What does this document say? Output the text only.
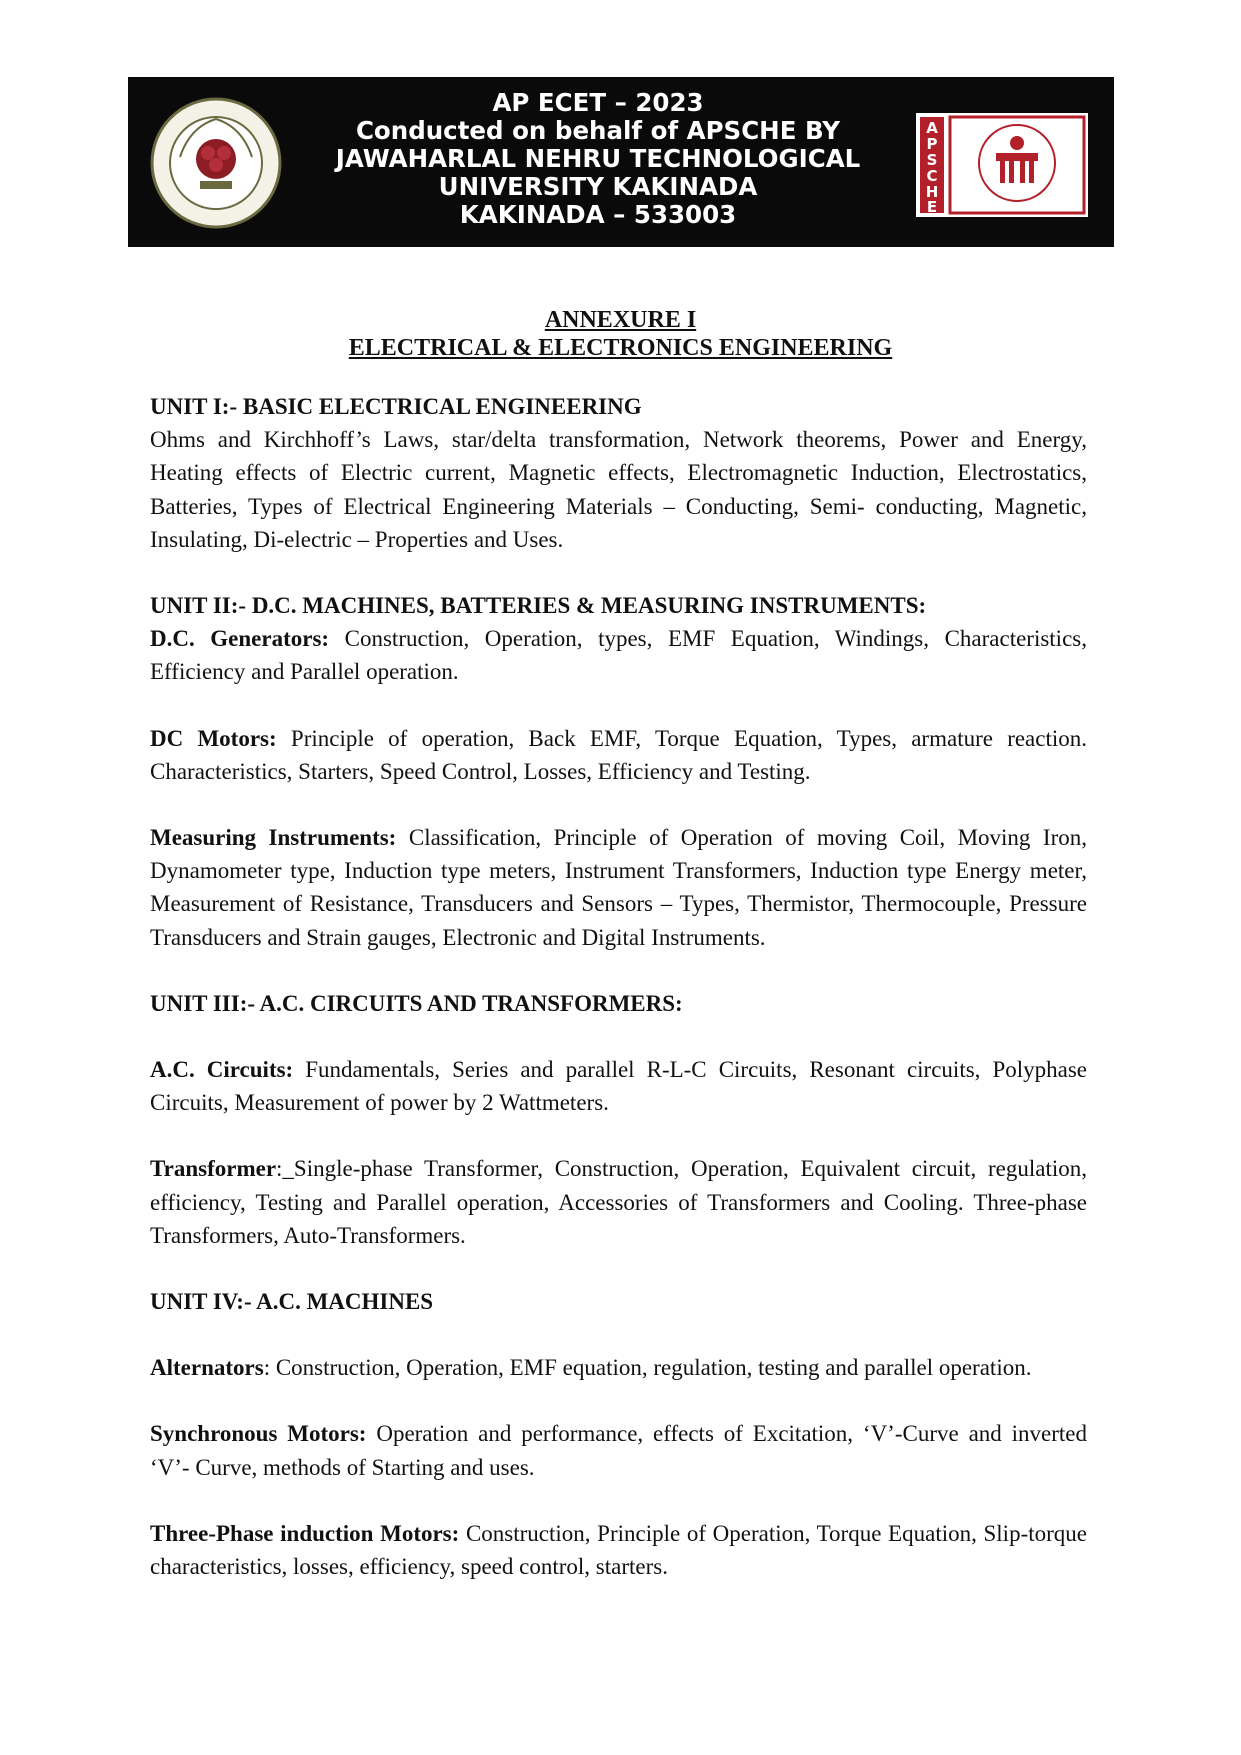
AP ECET – 2023
Conducted on behalf of APSCHE BY
JAWAHARLAL NEHRU TECHNOLOGICAL
UNIVERSITY KAKINADA
KAKINADA – 533003
A
P
S
C
H
E
ANNEXURE I
ELECTRICAL & ELECTRONICS ENGINEERING
UNIT I:- BASIC ELECTRICAL ENGINEERING

Ohms and Kirchhoff’s Laws, star/delta transformation, Network theorems, Power and Energy, Heating effects of Electric current, Magnetic effects, Electromagnetic Induction, Electrostatics, Batteries, Types of Electrical Engineering Materials – Conducting, Semi- conducting, Magnetic, Insulating, Di-electric – Properties and Uses.

UNIT II:- D.C. MACHINES, BATTERIES & MEASURING INSTRUMENTS:

D.C. Generators: Construction, Operation, types, EMF Equation, Windings, Characteristics, Efficiency and Parallel operation.

DC Motors: Principle of operation, Back EMF, Torque Equation, Types, armature reaction. Characteristics, Starters, Speed Control, Losses, Efficiency and Testing.

Measuring Instruments: Classification, Principle of Operation of moving Coil, Moving Iron, Dynamometer type, Induction type meters, Instrument Transformers, Induction type Energy meter, Measurement of Resistance, Transducers and Sensors – Types, Thermistor, Thermocouple, Pressure Transducers and Strain gauges, Electronic and Digital Instruments.

UNIT III:- A.C. CIRCUITS AND TRANSFORMERS:

A.C. Circuits: Fundamentals, Series and parallel R-L-C Circuits, Resonant circuits, Polyphase Circuits, Measurement of power by 2 Wattmeters.

Transformer:_Single-phase Transformer, Construction, Operation, Equivalent circuit, regulation, efficiency, Testing and Parallel operation, Accessories of Transformers and Cooling. Three-phase Transformers, Auto-Transformers.

UNIT IV:- A.C. MACHINES

Alternators: Construction, Operation, EMF equation, regulation, testing and parallel operation.

Synchronous Motors: Operation and performance, effects of Excitation, ‘V’-Curve and inverted ‘V’- Curve, methods of Starting and uses.

Three-Phase induction Motors: Construction, Principle of Operation, Torque Equation, Slip-torque characteristics, losses, efficiency, speed control, starters.
